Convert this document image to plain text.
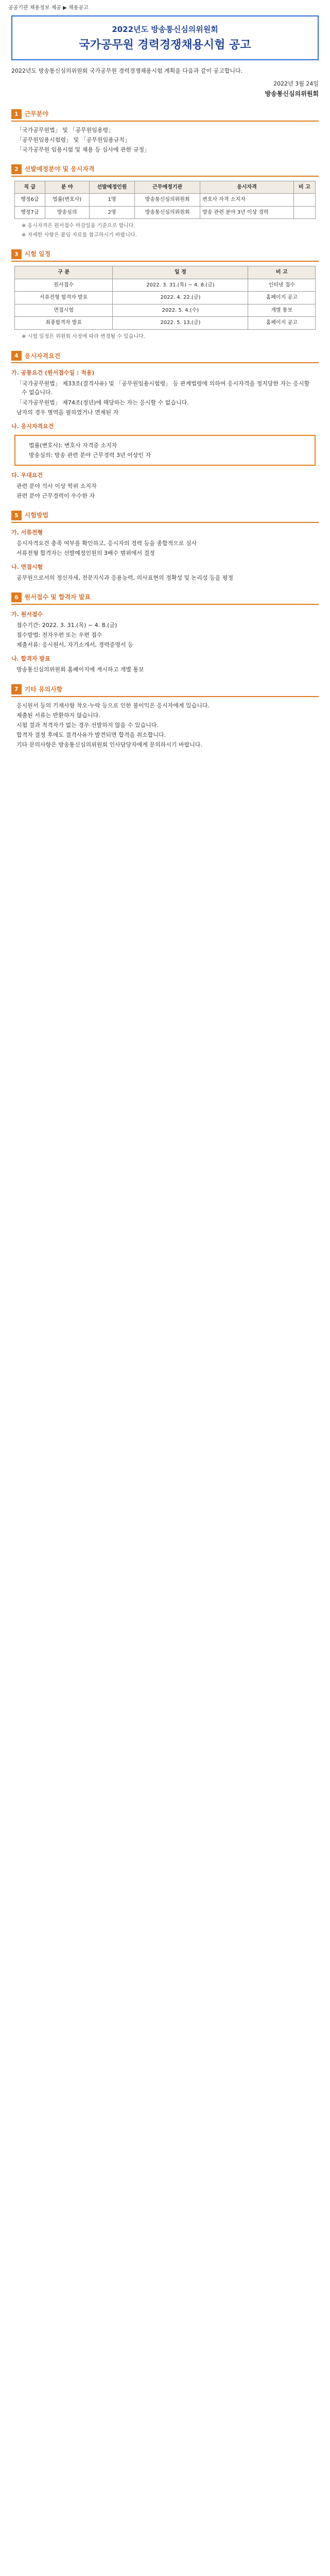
공공기관 채용정보 제공 ▶ 채용공고
2022년도 방송통신심의위원회
국가공무원 경력경쟁채용시험 공고
2022년도 방송통신심의위원회 국가공무원 경력경쟁채용시험 계획을 다음과 같이 공고합니다.
2022년 3월 24일
방송통신심의위원회
1	근무분야
「국가공무원법」 및 「공무원임용령」
「공무원임용시험령」 및 「공무원임용규칙」
「국가공무원 임용시험 및 채용 등 심사에 관한 규정」
2	선발예정분야 및 응시자격
직 급	분 야	선발예정인원	근무예정기관	응시자격	비 고
행정6급	법률(변호사)	1명	방송통신심의위원회	변호사 자격 소지자	
행정7급	방송심의	2명	방송통신심의위원회	방송 관련 분야 3년 이상 경력	
※ 응시자격은 원서접수 마감일을 기준으로 합니다.
※ 자세한 사항은 붙임 자료를 참고하시기 바랍니다.
3	시험 일정
구 분	일 정	비 고
원서접수	2022. 3. 31.(목) ~ 4. 8.(금)	인터넷 접수
서류전형 합격자 발표	2022. 4. 22.(금)	홈페이지 공고
면접시험	2022. 5. 4.(수)	개별 통보
최종합격자 발표	2022. 5. 13.(금)	홈페이지 공고
※ 시험 일정은 위원회 사정에 따라 변경될 수 있습니다.
4	응시자격요건
가. 공통요건 (원서접수일 : 적용)
「국가공무원법」 제33조(결격사유) 및 「공무원임용시험령」 등 관계법령에 의하여 응시자격을 정지당한 자는 응시할 수 없습니다.
「국가공무원법」 제74조(정년)에 해당하는 자는 응시할 수 없습니다.
남자의 경우 병역을 필하였거나 면제된 자
나. 응시자격요건
법률(변호사): 변호사 자격증 소지자
방송심의: 방송 관련 분야 근무경력 3년 이상인 자
다. 우대요건
관련 분야 석사 이상 학위 소지자
관련 분야 근무경력이 우수한 자
5	시험방법
가. 서류전형
응시자격요건 충족 여부를 확인하고, 응시자의 경력 등을 종합적으로 심사
서류전형 합격자는 선발예정인원의 3배수 범위에서 결정
나. 면접시험
공무원으로서의 정신자세, 전문지식과 응용능력, 의사표현의 정확성 및 논리성 등을 평정
6	원서접수 및 합격자 발표
가. 원서접수
접수기간: 2022. 3. 31.(목) ~ 4. 8.(금)
접수방법: 전자우편 또는 우편 접수
제출서류: 응시원서, 자기소개서, 경력증명서 등
나. 합격자 발표
방송통신심의위원회 홈페이지에 게시하고 개별 통보
7	기타 유의사항
응시원서 등의 기재사항 착오·누락 등으로 인한 불이익은 응시자에게 있습니다.
제출된 서류는 반환하지 않습니다.
시험 결과 적격자가 없는 경우 선발하지 않을 수 있습니다.
합격자 결정 후에도 결격사유가 발견되면 합격을 취소합니다.
기타 문의사항은 방송통신심의위원회 인사담당자에게 문의하시기 바랍니다.
